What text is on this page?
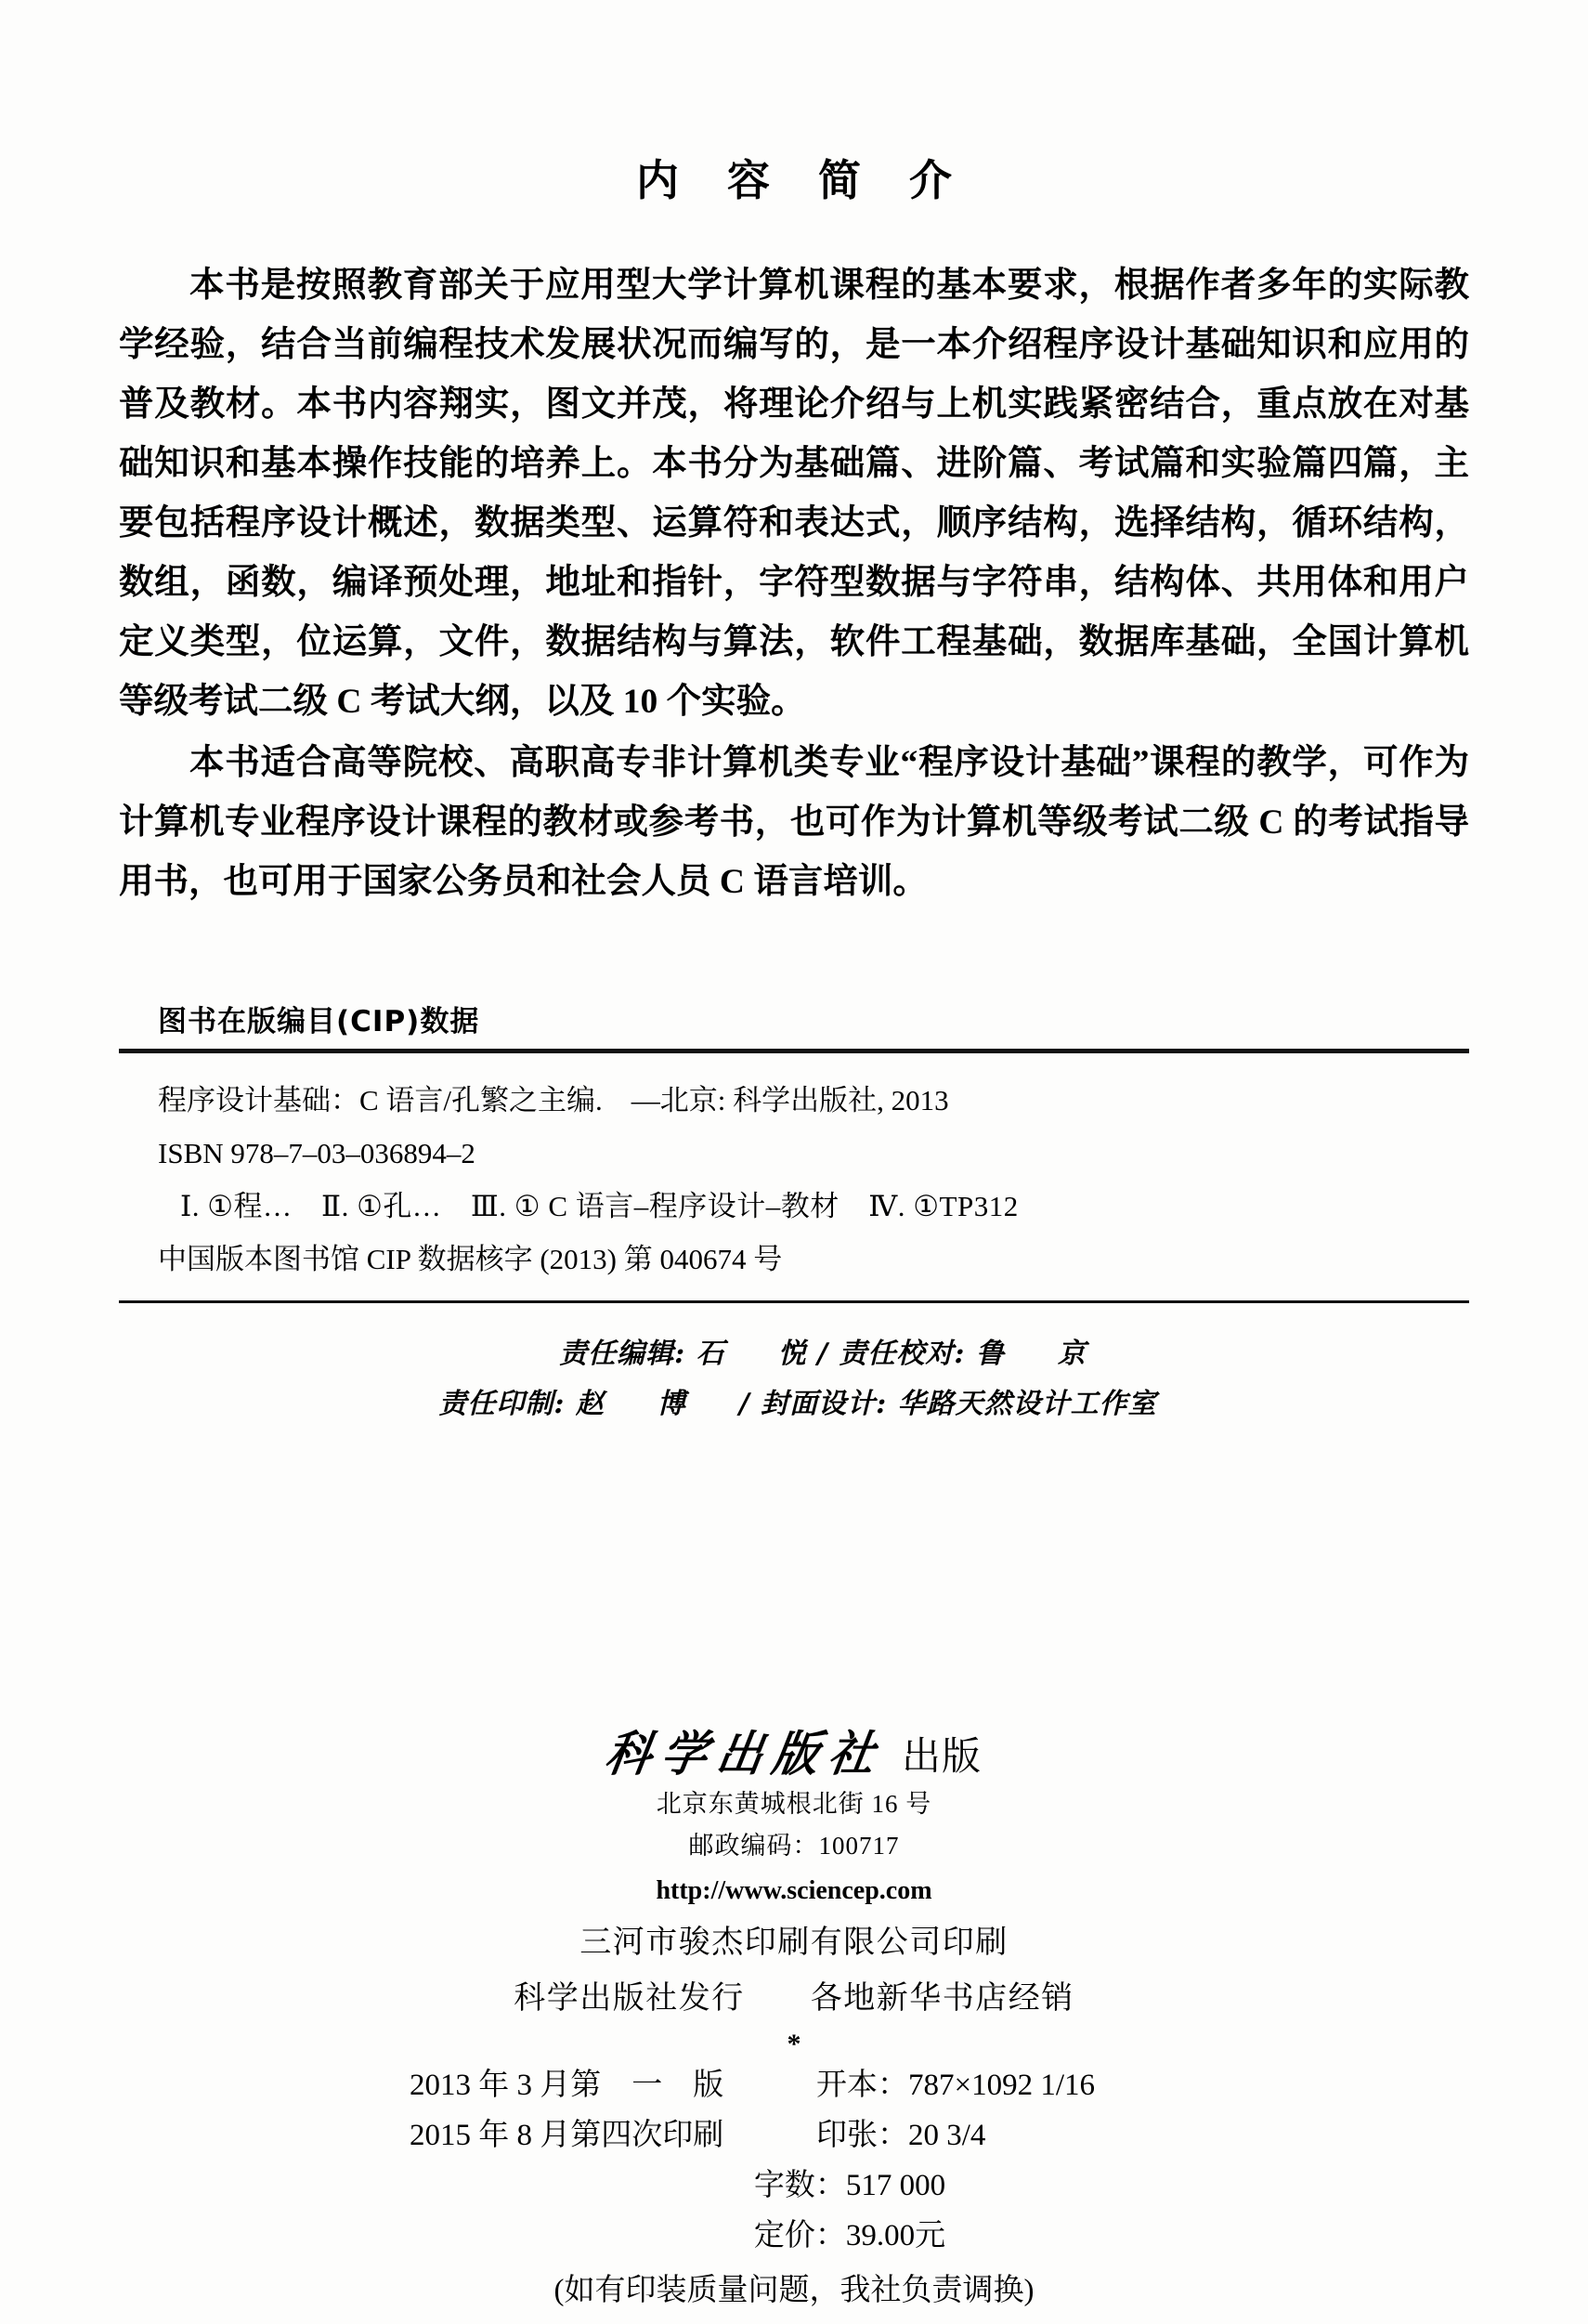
内 容 简 介

本书是按照教育部关于应用型大学计算机课程的基本要求，根据作者多年的实际教学经验，结合当前编程技术发展状况而编写的，是一本介绍程序设计基础知识和应用的普及教材。本书内容翔实，图文并茂，将理论介绍与上机实践紧密结合，重点放在对基础知识和基本操作技能的培养上。本书分为基础篇、进阶篇、考试篇和实验篇四篇，主要包括程序设计概述，数据类型、运算符和表达式，顺序结构，选择结构，循环结构，数组，函数，编译预处理，地址和指针，字符型数据与字符串，结构体、共用体和用户定义类型，位运算，文件，数据结构与算法，软件工程基础，数据库基础，全国计算机等级考试二级 C 考试大纲，以及 10 个实验。

本书适合高等院校、高职高专非计算机类专业“程序设计基础”课程的教学，可作为计算机专业程序设计课程的教材或参考书，也可作为计算机等级考试二级 C 的考试指导用书，也可用于国家公务员和社会人员 C 语言培训。

图书在版编目(CIP)数据
程序设计基础：C 语言/孔繁之主编.　—北京: 科学出版社, 2013
ISBN 978–7–03–036894–2
Ⅰ. ①程…　Ⅱ. ①孔…　Ⅲ. ① C 语言–程序设计–教材　Ⅳ. ①TP312
中国版本图书馆 CIP 数据核字 (2013) 第 040674 号
责任编辑: 石 悦 / 责任校对: 鲁 京
责任印制: 赵 博 / 封面设计: 华路天然设计工作室
科学出版社 出版
北京东黄城根北街 16 号
邮政编码：100717
http://www.sciencep.com
三河市骏杰印刷有限公司印刷
科学出版社发行　　各地新华书店经销
*
2013 年 3 月第　一　版	开本：787×1092 1/16
2015 年 8 月第四次印刷	印张：20 3/4
字数：517 000
定价：39.00元
(如有印装质量问题，我社负责调换)
